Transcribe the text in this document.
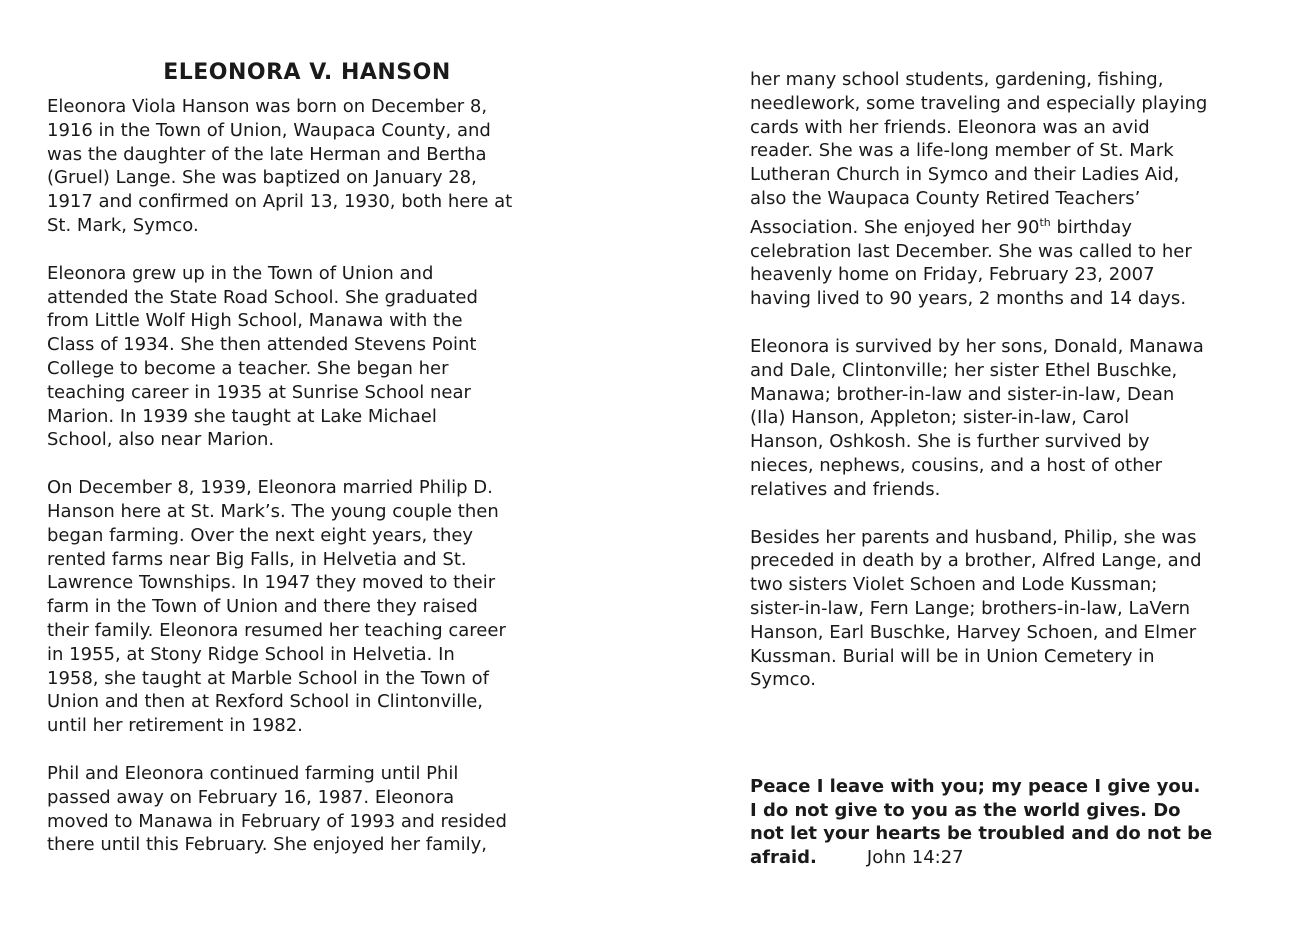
ELEONORA V. HANSON

Eleonora Viola Hanson was born on December 8,
1916 in the Town of Union, Waupaca County, and
was the daughter of the late Herman and Bertha
(Gruel) Lange. She was baptized on January 28,
1917 and confirmed on April 13, 1930, both here at
St. Mark, Symco.

Eleonora grew up in the Town of Union and
attended the State Road School. She graduated
from Little Wolf High School, Manawa with the
Class of 1934. She then attended Stevens Point
College to become a teacher. She began her
teaching career in 1935 at Sunrise School near
Marion. In 1939 she taught at Lake Michael
School, also near Marion.

On December 8, 1939, Eleonora married Philip D.
Hanson here at St. Mark’s. The young couple then
began farming. Over the next eight years, they
rented farms near Big Falls, in Helvetia and St.
Lawrence Townships. In 1947 they moved to their
farm in the Town of Union and there they raised
their family. Eleonora resumed her teaching career
in 1955, at Stony Ridge School in Helvetia. In
1958, she taught at Marble School in the Town of
Union and then at Rexford School in Clintonville,
until her retirement in 1982.

Phil and Eleonora continued farming until Phil
passed away on February 16, 1987. Eleonora
moved to Manawa in February of 1993 and resided
there until this February. She enjoyed her family,

her many school students, gardening, fishing,
needlework, some traveling and especially playing
cards with her friends. Eleonora was an avid
reader. She was a life-long member of St. Mark
Lutheran Church in Symco and their Ladies Aid,
also the Waupaca County Retired Teachers’
Association. She enjoyed her 90th birthday
celebration last December. She was called to her
heavenly home on Friday, February 23, 2007
having lived to 90 years, 2 months and 14 days.

Eleonora is survived by her sons, Donald, Manawa
and Dale, Clintonville; her sister Ethel Buschke,
Manawa; brother-in-law and sister-in-law, Dean
(Ila) Hanson, Appleton; sister-in-law, Carol
Hanson, Oshkosh. She is further survived by
nieces, nephews, cousins, and a host of other
relatives and friends.

Besides her parents and husband, Philip, she was
preceded in death by a brother, Alfred Lange, and
two sisters Violet Schoen and Lode Kussman;
sister-in-law, Fern Lange; brothers-in-law, LaVern
Hanson, Earl Buschke, Harvey Schoen, and Elmer
Kussman. Burial will be in Union Cemetery in
Symco.

Peace I leave with you; my peace I give you.
I do not give to you as the world gives. Do
not let your hearts be troubled and do not be
afraid.	John 14:27
